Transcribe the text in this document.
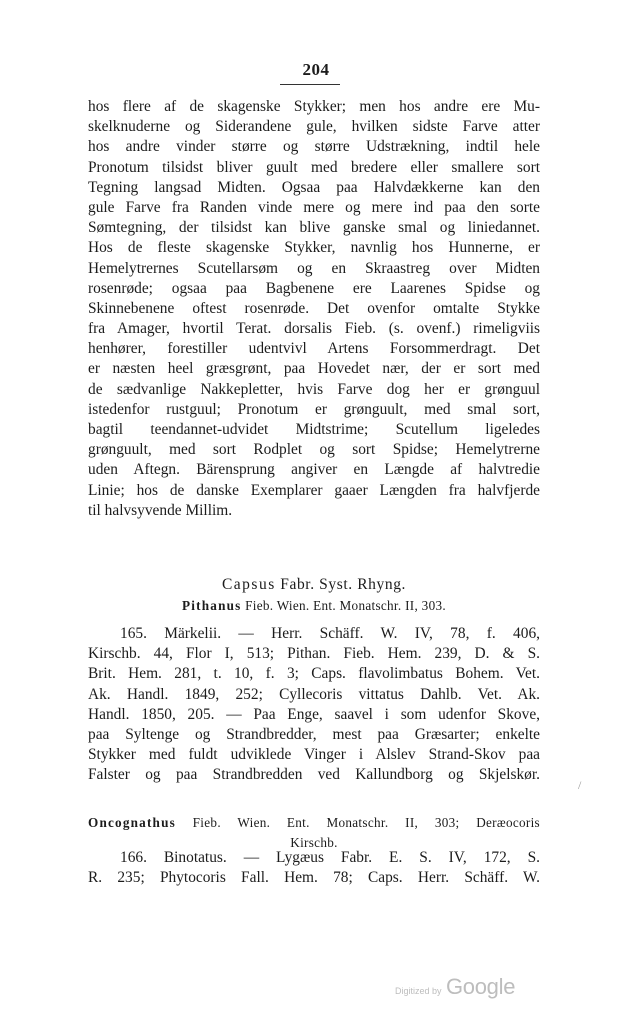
204
hos flere af de skagenske Stykker; men hos andre ere Mu-
skelknuderne og Siderandene gule, hvilken sidste Farve atter
hos andre vinder større og større Udstrækning, indtil hele
Pronotum tilsidst bliver guult med bredere eller smallere sort
Tegning langsad Midten. Ogsaa paa Halvdækkerne kan den
gule Farve fra Randen vinde mere og mere ind paa den sorte
Sømtegning, der tilsidst kan blive ganske smal og liniedannet.
Hos de fleste skagenske Stykker, navnlig hos Hunnerne, er
Hemelytrernes Scutellarsøm og en Skraastreg over Midten
rosenrøde; ogsaa paa Bagbenene ere Laarenes Spidse og
Skinnebenene oftest rosenrøde. Det ovenfor omtalte Stykke
fra Amager, hvortil Terat. dorsalis Fieb. (s. ovenf.) rimeligviis
henhører, forestiller udentvivl Artens Forsommerdragt. Det
er næsten heel græsgrønt, paa Hovedet nær, der er sort med
de sædvanlige Nakkepletter, hvis Farve dog her er grønguul
istedenfor rustguul; Pronotum er grønguult, med smal sort,
bagtil teendannet-udvidet Midtstrime; Scutellum ligeledes
grønguult, med sort Rodplet og sort Spidse; Hemelytrerne
uden Aftegn. Bärensprung angiver en Længde af halvtredie
Linie; hos de danske Exemplarer gaaer Længden fra halvfjerde
til halvsyvende Millim.
Capsus Fabr. Syst. Rhyng.
Pithanus Fieb. Wien. Ent. Monatschr. II, 303.
165. Märkelii. — Herr. Schäff. W. IV, 78, f. 406,
Kirschb. 44, Flor I, 513; Pithan. Fieb. Hem. 239, D. & S.
Brit. Hem. 281, t. 10, f. 3; Caps. flavolimbatus Bohem. Vet.
Ak. Handl. 1849, 252; Cyllecoris vittatus Dahlb. Vet. Ak.
Handl. 1850, 205. — Paa Enge, saavel i som udenfor Skove,
paa Syltenge og Strandbredder, mest paa Græsarter; enkelte
Stykker med fuldt udviklede Vinger i Alslev Strand-Skov paa
Falster og paa Strandbredden ved Kallundborg og Skjelskør.
/
Oncognathus Fieb. Wien. Ent. Monatschr. II, 303; Deræocoris
Kirschb.
166. Binotatus. — Lygæus Fabr. E. S. IV, 172, S.
R. 235; Phytocoris Fall. Hem. 78; Caps. Herr. Schäff. W.
Digitized by Google
